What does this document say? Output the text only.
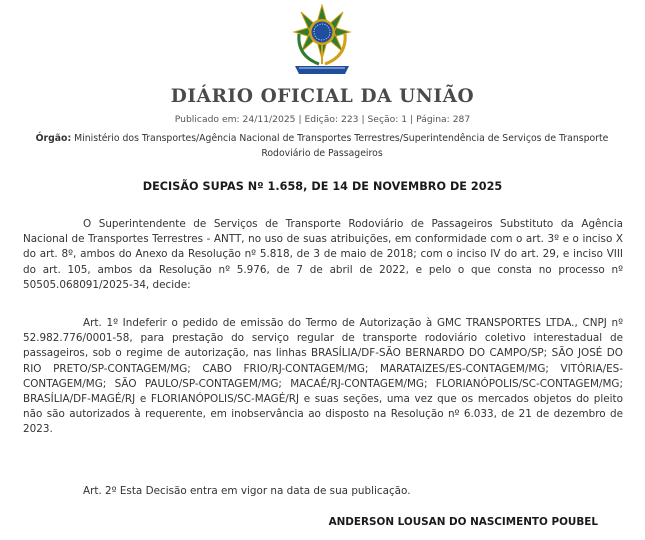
DIÁRIO OFICIAL DA UNIÃO
Publicado em: 24/11/2025 | Edição: 223 | Seção: 1 | Página: 287
Órgão: Ministério dos Transportes/Agência Nacional de Transportes Terrestres/Superintendência de Serviços de Transporte Rodoviário de Passageiros
DECISÃO SUPAS Nº 1.658, DE 14 DE NOVEMBRO DE 2025

O Superintendente de Serviços de Transporte Rodoviário de Passageiros Substituto da Agência Nacional de Transportes Terrestres - ANTT, no uso de suas atribuições, em conformidade com o art. 3º e o inciso X do art. 8º, ambos do Anexo da Resolução nº 5.818, de 3 de maio de 2018; com o inciso IV do art. 29, e inciso VIII do art. 105, ambos da Resolução nº 5.976, de 7 de abril de 2022, e pelo o que consta no processo nº 50505.068091/2025-34, decide:

Art. 1º Indeferir o pedido de emissão do Termo de Autorização à GMC TRANSPORTES LTDA., CNPJ nº 52.982.776/0001-58, para prestação do serviço regular de transporte rodoviário coletivo interestadual de passageiros, sob o regime de autorização, nas linhas BRASÍLIA/DF-SÃO BERNARDO DO CAMPO/SP; SÃO JOSÉ DO RIO PRETO/SP-CONTAGEM/MG; CABO FRIO/RJ-CONTAGEM/MG; MARATAIZES/ES-CONTAGEM/MG; VITÓRIA/ES-CONTAGEM/MG; SÃO PAULO/SP-CONTAGEM/MG; MACAÉ/RJ-CONTAGEM/MG; FLORIANÓPOLIS/SC-CONTAGEM/MG; BRASÍLIA/DF-MAGÉ/RJ e FLORIANÓPOLIS/SC-MAGÉ/RJ e suas seções, uma vez que os mercados objetos do pleito não são autorizados à requerente, em inobservância ao disposto na Resolução nº 6.033, de 21 de dezembro de 2023.

Art. 2º Esta Decisão entra em vigor na data de sua publicação.

ANDERSON LOUSAN DO NASCIMENTO POUBEL
